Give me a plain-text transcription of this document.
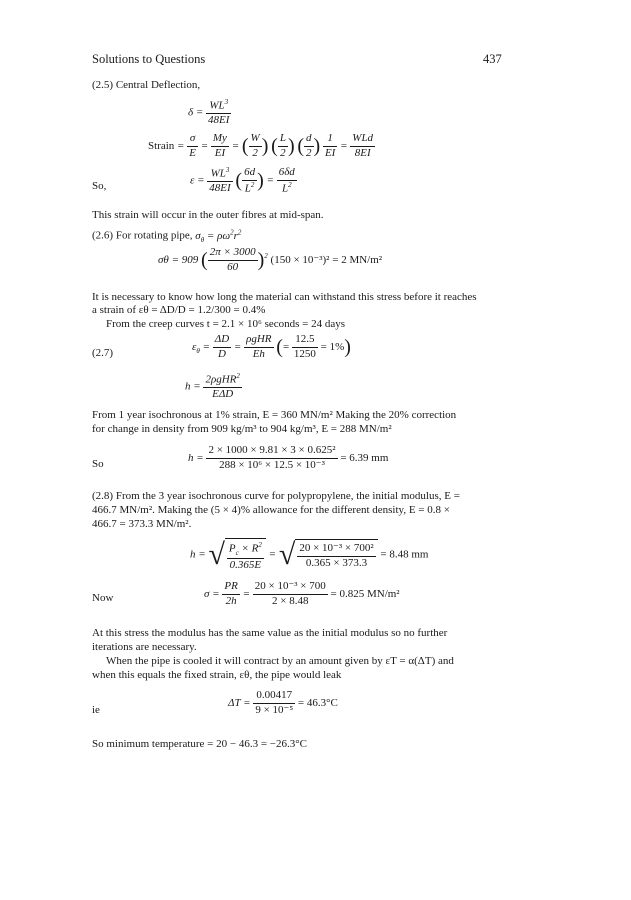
Solutions to Questions	437
(2.5) Central Deflection,
$\delta = \frac{WL^3}{48EI}$
Strain = $\frac{\sigma}{E} = \frac{My}{EI}$ = ( $\frac{W}{2}$ ) ( $\frac{L}{2}$ ) ( $\frac{d}{2}$ ) $\frac{1}{EI} = \frac{\text{WLd}}{8EI}$
So,	$\varepsilon = \frac{WL^3}{48EI}$ ( $\frac{6d}{L^2}$ ) = $\frac{6\delta d}{L^2}$
This strain will occur in the outer fibres at mid-span.
(2.6) For rotating pipe, $\sigma_\theta = \rho\omega^2r^2$
σθ = 909 ( $\frac{2\pi \times 3000}{60} )^2$ (150 × 10⁻³)² = 2 MN/m²
It is necessary to know how long the material can withstand this stress before it reaches
a strain of εθ = ΔD/D = 1.2/300 = 0.4%
From the creep curves t = 2.1 × 10⁶ seconds = 24 days
(2.7)
$\varepsilon_\theta = \frac{\Delta D}{D} = \frac{\text{ρgHR}}{Eh}$ (= $\frac{12.5}{1250} = 1\%$)
$h = \frac{2\rho gHR^2}{\text{EΔD}}$
From 1 year isochronous at 1% strain, E = 360 MN/m² Making the 20% correction
for change in density from 909 kg/m³ to 904 kg/m³, E = 288 MN/m²
So
$h = \frac{\text{2 × 1000 × 9.81 × 3 × 0.625²}}{\text{288 × 10⁶ × 12.5 × 10⁻³}} = 6.39$ mm
(2.8) From the 3 year isochronous curve for polypropylene, the initial modulus, E =
466.7 MN/m². Making the (5 × 4)% allowance for the different density, E = 0.8 ×
466.7 = 373.3 MN/m².
h = √ $\frac{P_c \times R^2}{0.365E}$ = √ $\frac{\text{20 × 10⁻³ × 700²}}{0.365 \times 373.3} = 8.48$ mm
Now	$\sigma = \frac{PR}{2h} = \frac{\text{20 × 10⁻³ × 700}}{2 \times 8.48} = 0.825$ MN/m²
At this stress the modulus has the same value as the initial modulus so no further
iterations are necessary.
When the pipe is cooled it will contract by an amount given by εT = α(ΔT) and
when this equals the fixed strain, εθ, the pipe would leak
ie
$\Delta T = \frac{0.00417}{\text{9 × 10⁻⁵}} = 46.3^\circ C$
So minimum temperature = 20 − 46.3 = −26.3°C
